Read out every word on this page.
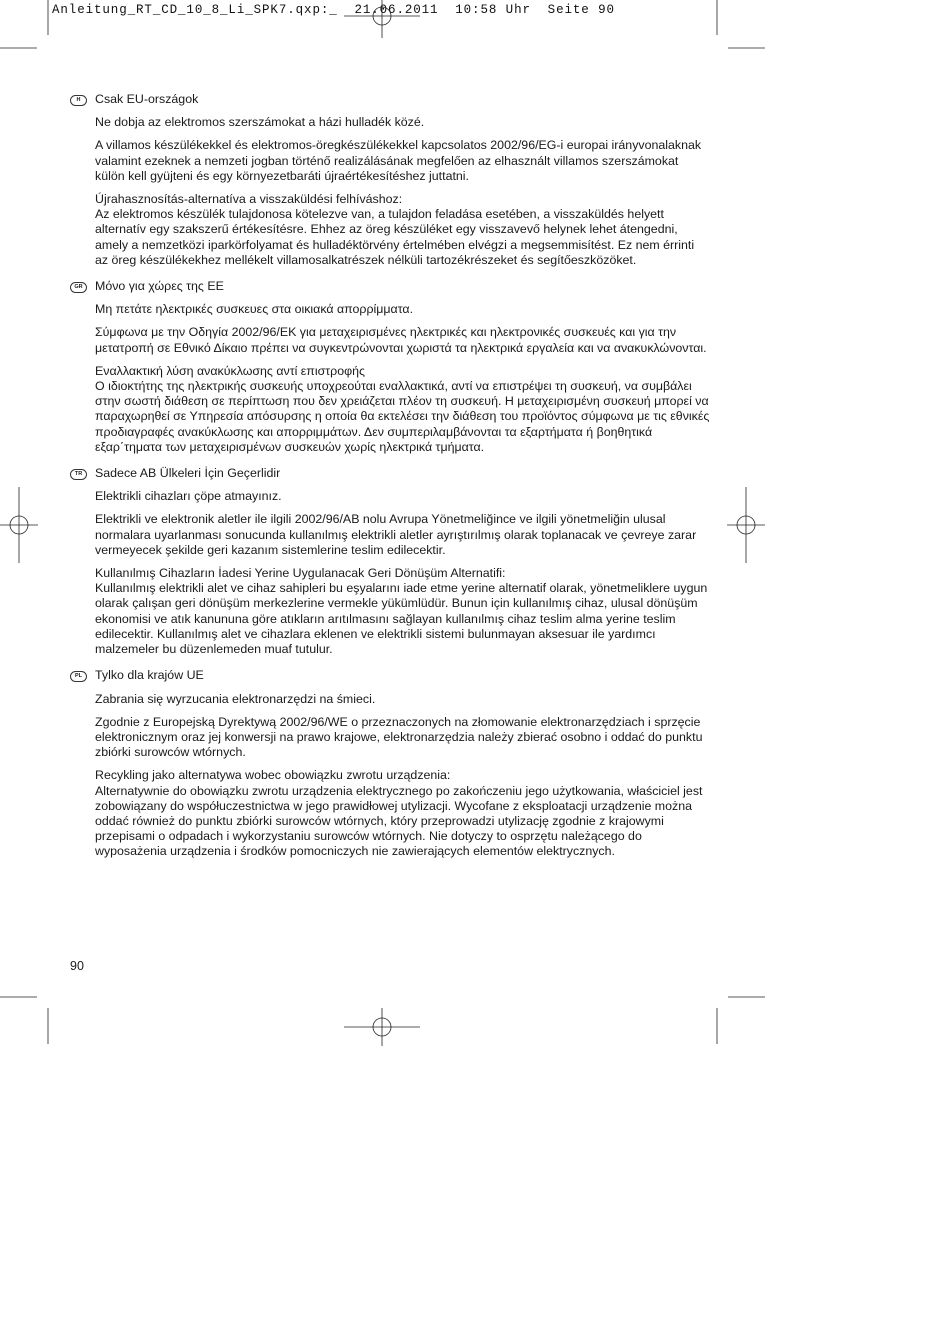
Anleitung_RT_CD_10_8_Li_SPK7.qxp:_  21.06.2011  10:58 Uhr  Seite 90
H	Csak EU-országok

Ne dobja az elektromos szerszámokat a házi hulladék közé.

A villamos készülékekkel és elektromos-öregkészülékekkel kapcsolatos 2002/96/EG-i europai irányvonalaknak valamint ezeknek a nemzeti jogban történő realizálásának megfelően az elhasznált villamos szerszámokat külön kell gyüjteni és egy környezetbaráti újraértékesítéshez juttatni.

Újrahasznosítás-alternatíva a visszaküldési felhíváshoz:

Az elektromos készülék tulajdonosa kötelezve van, a tulajdon feladása esetében, a visszaküldés helyett alternatív egy szakszerű értékesítésre. Ehhez az öreg készüléket egy visszavevő helynek lehet átengedni, amely a nemzetközi iparkörfolyamat és hulladéktörvény értelmében elvégzi a megsemmisítést. Ez nem érrinti az öreg készülékekhez mellékelt villamosalkatrészek nélküli tartozékrészeket és segítőeszközöket.

GR Μόνο για χώρες της ΕΕ

Μη πετάτε ηλεκτρικές συσκευες στα οικιακά απορρίμματα.

Σύμφωνα με την Οδηγία 2002/96/ΕΚ για μεταχειρισμένες ηλεκτρικές και ηλεκτρονικές συσκευές και για την μετατροπή σε Εθνικό Δίκαιο πρέπει να συγκεντρώνονται χωριστά τα ηλεκτρικά εργαλεία και να ανακυκλώνονται.

Εναλλακτική λύση ανακύκλωσης αντί επιστροφής

Ο ιδιοκτήτης της ηλεκτρικής συσκευής υποχρεούται εναλλακτικά, αντί να επιστρέψει τη συσκευή, να συμβάλει στην σωστή διάθεση σε περίπτωση που δεν χρειάζεται πλέον τη συσκευή. Η μεταχειρισμένη συσκευή μπορεί να παραχωρηθεί σε Υπηρεσία απόσυρσης η οποία θα εκτελέσει την διάθεση του προϊόντος σύμφωνα με τις εθνικές προδιαγραφές ανακύκλωσης και απορριμμάτων. Δεν συμπεριλαμβάνονται τα εξαρτήματα ή βοηθητικά εξαρ΄τηματα των μεταχειρισμένων συσκευών χωρίς ηλεκτρικά τμήματα.

TR	Sadece AB Ülkeleri İçin Geçerlidir

Elektrikli cihazları çöpe atmayınız.

Elektrikli ve elektronik aletler ile ilgili 2002/96/AB nolu Avrupa Yönetmeliğince ve ilgili yönetmeliğin ulusal normalara uyarlanması sonucunda kullanılmış elektrikli aletler ayrıştırılmış olarak toplanacak ve çevreye zarar vermeyecek şekilde geri kazanım sistemlerine teslim edilecektir.

Kullanılmış Cihazların İadesi Yerine Uygulanacak Geri Dönüşüm Alternatifi:

Kullanılmış elektrikli alet ve cihaz sahipleri bu eşyalarını iade etme yerine alternatif olarak, yönetmeliklere uygun olarak çalışan geri dönüşüm merkezlerine vermekle yükümlüdür. Bunun için kullanılmış cihaz, ulusal dönüşüm ekonomisi ve atık kanununa göre atıkların arıtılmasını sağlayan kullanılmış cihaz teslim alma yerine teslim edilecektir. Kullanılmış alet ve cihazlara eklenen ve elektrikli sistemi bulunmayan aksesuar ile yardımcı malzemeler bu düzenlemeden muaf tutulur.

PL	Tylko dla krajów UE

Zabrania się wyrzucania elektronarzędzi na śmieci.

Zgodnie z Europejską Dyrektywą 2002/96/WE o przeznaczonych na złomowanie elektronarzędziach i sprzęcie elektronicznym oraz jej konwersji na prawo krajowe, elektronarzędzia należy zbierać osobno i oddać do punktu zbiórki surowców wtórnych.

Recykling jako alternatywa wobec obowiązku zwrotu urządzenia:

Alternatywnie do obowiązku zwrotu urządzenia elektrycznego po zakończeniu jego użytkowania, właściciel jest zobowiązany do współuczestnictwa w jego prawidłowej utylizacji. Wycofane z eksploatacji urządzenie można oddać również do punktu zbiórki surowców wtórnych, który przeprowadzi utylizację zgodnie z krajowymi przepisami o odpadach i wykorzystaniu surowców wtórnych. Nie dotyczy to osprzętu należącego do wyposażenia urządzenia i środków pomocniczych nie zawierających elementów elektrycznych.

90
